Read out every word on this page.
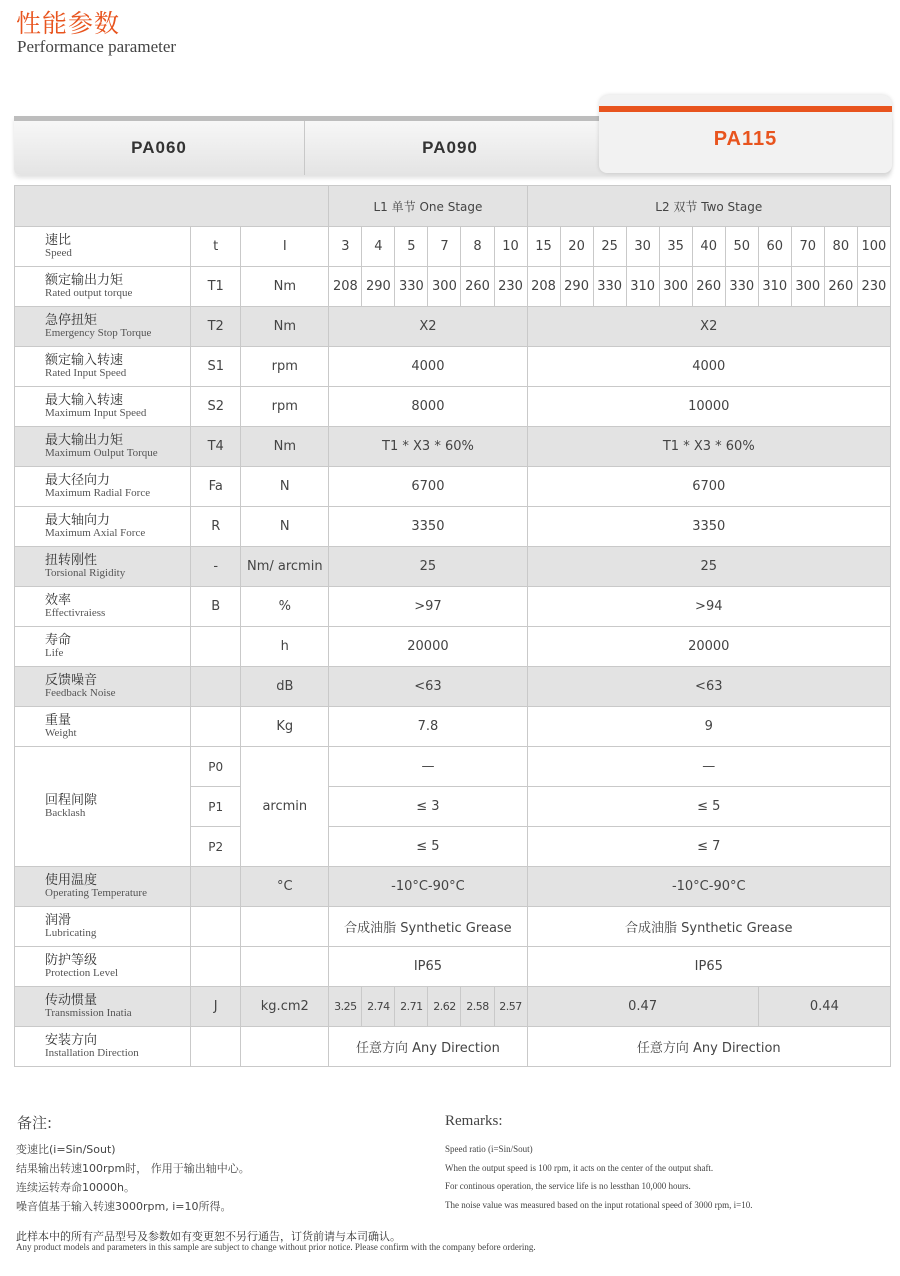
性能参数
Performance parameter
PA060	PA090	PA115
			L1 单节 One Stage						L2 双节 Two Stage										

速比
Speed	t	I	3	4	5	7	8	10	15	20	25	30	35	40	50	60	70	80	100

额定输出力矩
Rated output torque	T1	Nm	208	290	330	300	260	230	208	290	330	310	300	260	330	310	300	260	230

急停扭矩
Emergency Stop Torque	T2	Nm	X2						X2										

额定输入转速
Rated Input Speed	S1	rpm	4000						4000										

最大输入转速
Maximum Input Speed	S2	rpm	8000						10000										

最大输出力矩
Maximum Oulput Torque	T4	Nm	T1 * X3 * 60%						T1 * X3 * 60%										

最大径向力
Maximum Radial Force	Fa	N	6700						6700										

最大轴向力
Maximum Axial Force	R	N	3350						3350										

扭转刚性
Torsional Rigidity	-	Nm/ arcmin	25						25										

效率
Effectivraiess	B	%	>97						>94										

寿命
Life		h	20000						20000										

反馈噪音
Feedback Noise		dB	<63						<63										

重量
Weight		Kg	7.8						9										

回程间隙
Backlash	P0	arcmin	—						—										
	P1		≤ 3						≤ 5										
	P2		≤ 5						≤ 7										

使用温度
Operating Temperature		°C	-10°C-90°C						-10°C-90°C										

润滑
Lubricating			合成油脂 Synthetic Grease						合成油脂 Synthetic Grease										

防护等级
Protection Level			IP65						IP65										

传动惯量
Transmission Inatia	J	kg.cm2	3.25	2.74	2.71	2.62	2.58	2.57	0.47							0.44			

安装方向
Installation Direction			任意方向 Any Direction						任意方向 Any Direction										
备注:
变速比(i=Sin/Sout)
结果输出转速100rpm时， 作用于输出轴中心。
连续运转寿命10000h。
噪音值基于输入转速3000rpm, i=10所得。
Remarks:
Speed ratio (i=Sin/Sout)
When the output speed is 100 rpm, it acts on the center of the output shaft.
For continous operation, the service life is no lessthan 10,000 hours.
The noise value was measured based on the input rotational speed of 3000 rpm, i=10.
此样本中的所有产品型号及参数如有变更恕不另行通告，订货前请与本司确认。
Any product models and parameters in this sample are subject to change without prior notice. Please confirm with the company before ordering.
